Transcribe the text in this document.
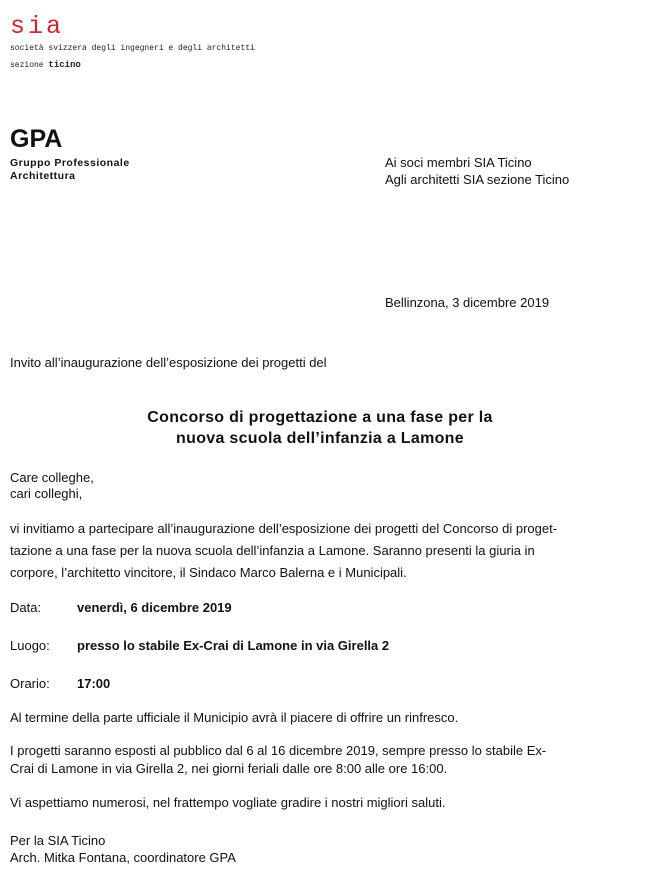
sia
società svizzera degli ingegneri e degli architetti
sezione ticino
GPA
Gruppo Professionale
Architettura
Ai soci membri SIA Ticino
Agli architetti SIA sezione Ticino
Bellinzona, 3 dicembre 2019
Invito all’inaugurazione dell’esposizione dei progetti del
Concorso di progettazione a una fase per la
nuova scuola dell’infanzia a Lamone
Care colleghe,
cari colleghi,
vi invitiamo a partecipare all’inaugurazione dell’esposizione dei progetti del Concorso di proget-
tazione a una fase per la nuova scuola dell’infanzia a Lamone. Saranno presenti la giuria in
corpore, l’architetto vincitore, il Sindaco Marco Balerna e i Municipali.
Data:	venerdì, 6 dicembre 2019
Luogo: presso lo stabile Ex-Crai di Lamone in via Girella 2
Orario: 17:00
Al termine della parte ufficiale il Municipio avrà il piacere di offrire un rinfresco.
I progetti saranno esposti al pubblico dal 6 al 16 dicembre 2019, sempre presso lo stabile Ex-
Crai di Lamone in via Girella 2, nei giorni feriali dalle ore 8:00 alle ore 16:00.
Vi aspettiamo numerosi, nel frattempo vogliate gradire i nostri migliori saluti.
Per la SIA Ticino
Arch. Mitka Fontana, coordinatore GPA
